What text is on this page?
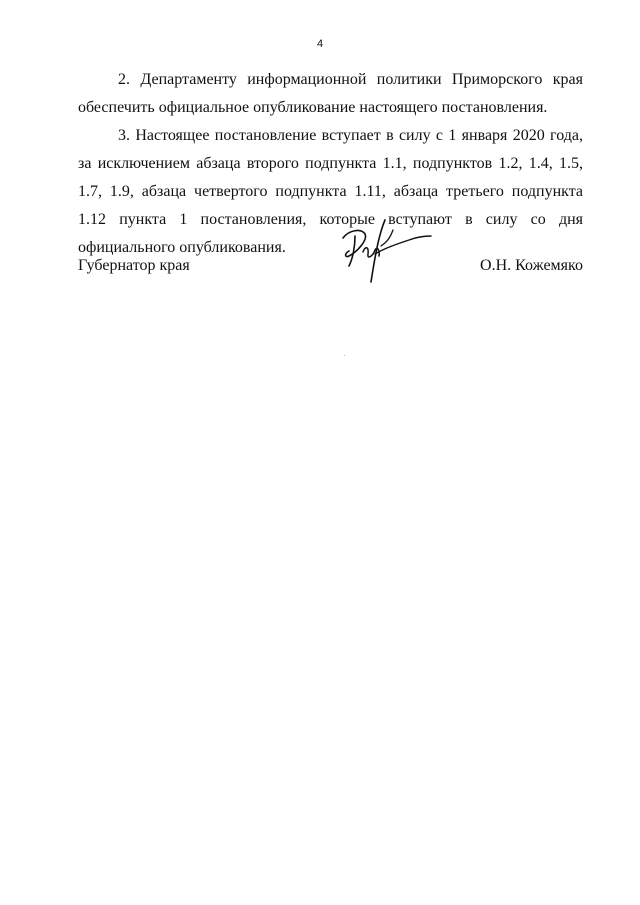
4

2. Департаменту информационной политики Приморского края обеспечить официальное опубликование настоящего постановления.

3. Настоящее постановление вступает в силу с 1 января 2020 года, за исключением абзаца второго подпункта 1.1, подпунктов 1.2, 1.4, 1.5, 1.7, 1.9, абзаца четвертого подпункта 1.11, абзаца третьего подпункта 1.12 пункта 1 постановления, которые вступают в силу со дня официального опубликования.

Губернатор края	О.Н. Кожемяко
